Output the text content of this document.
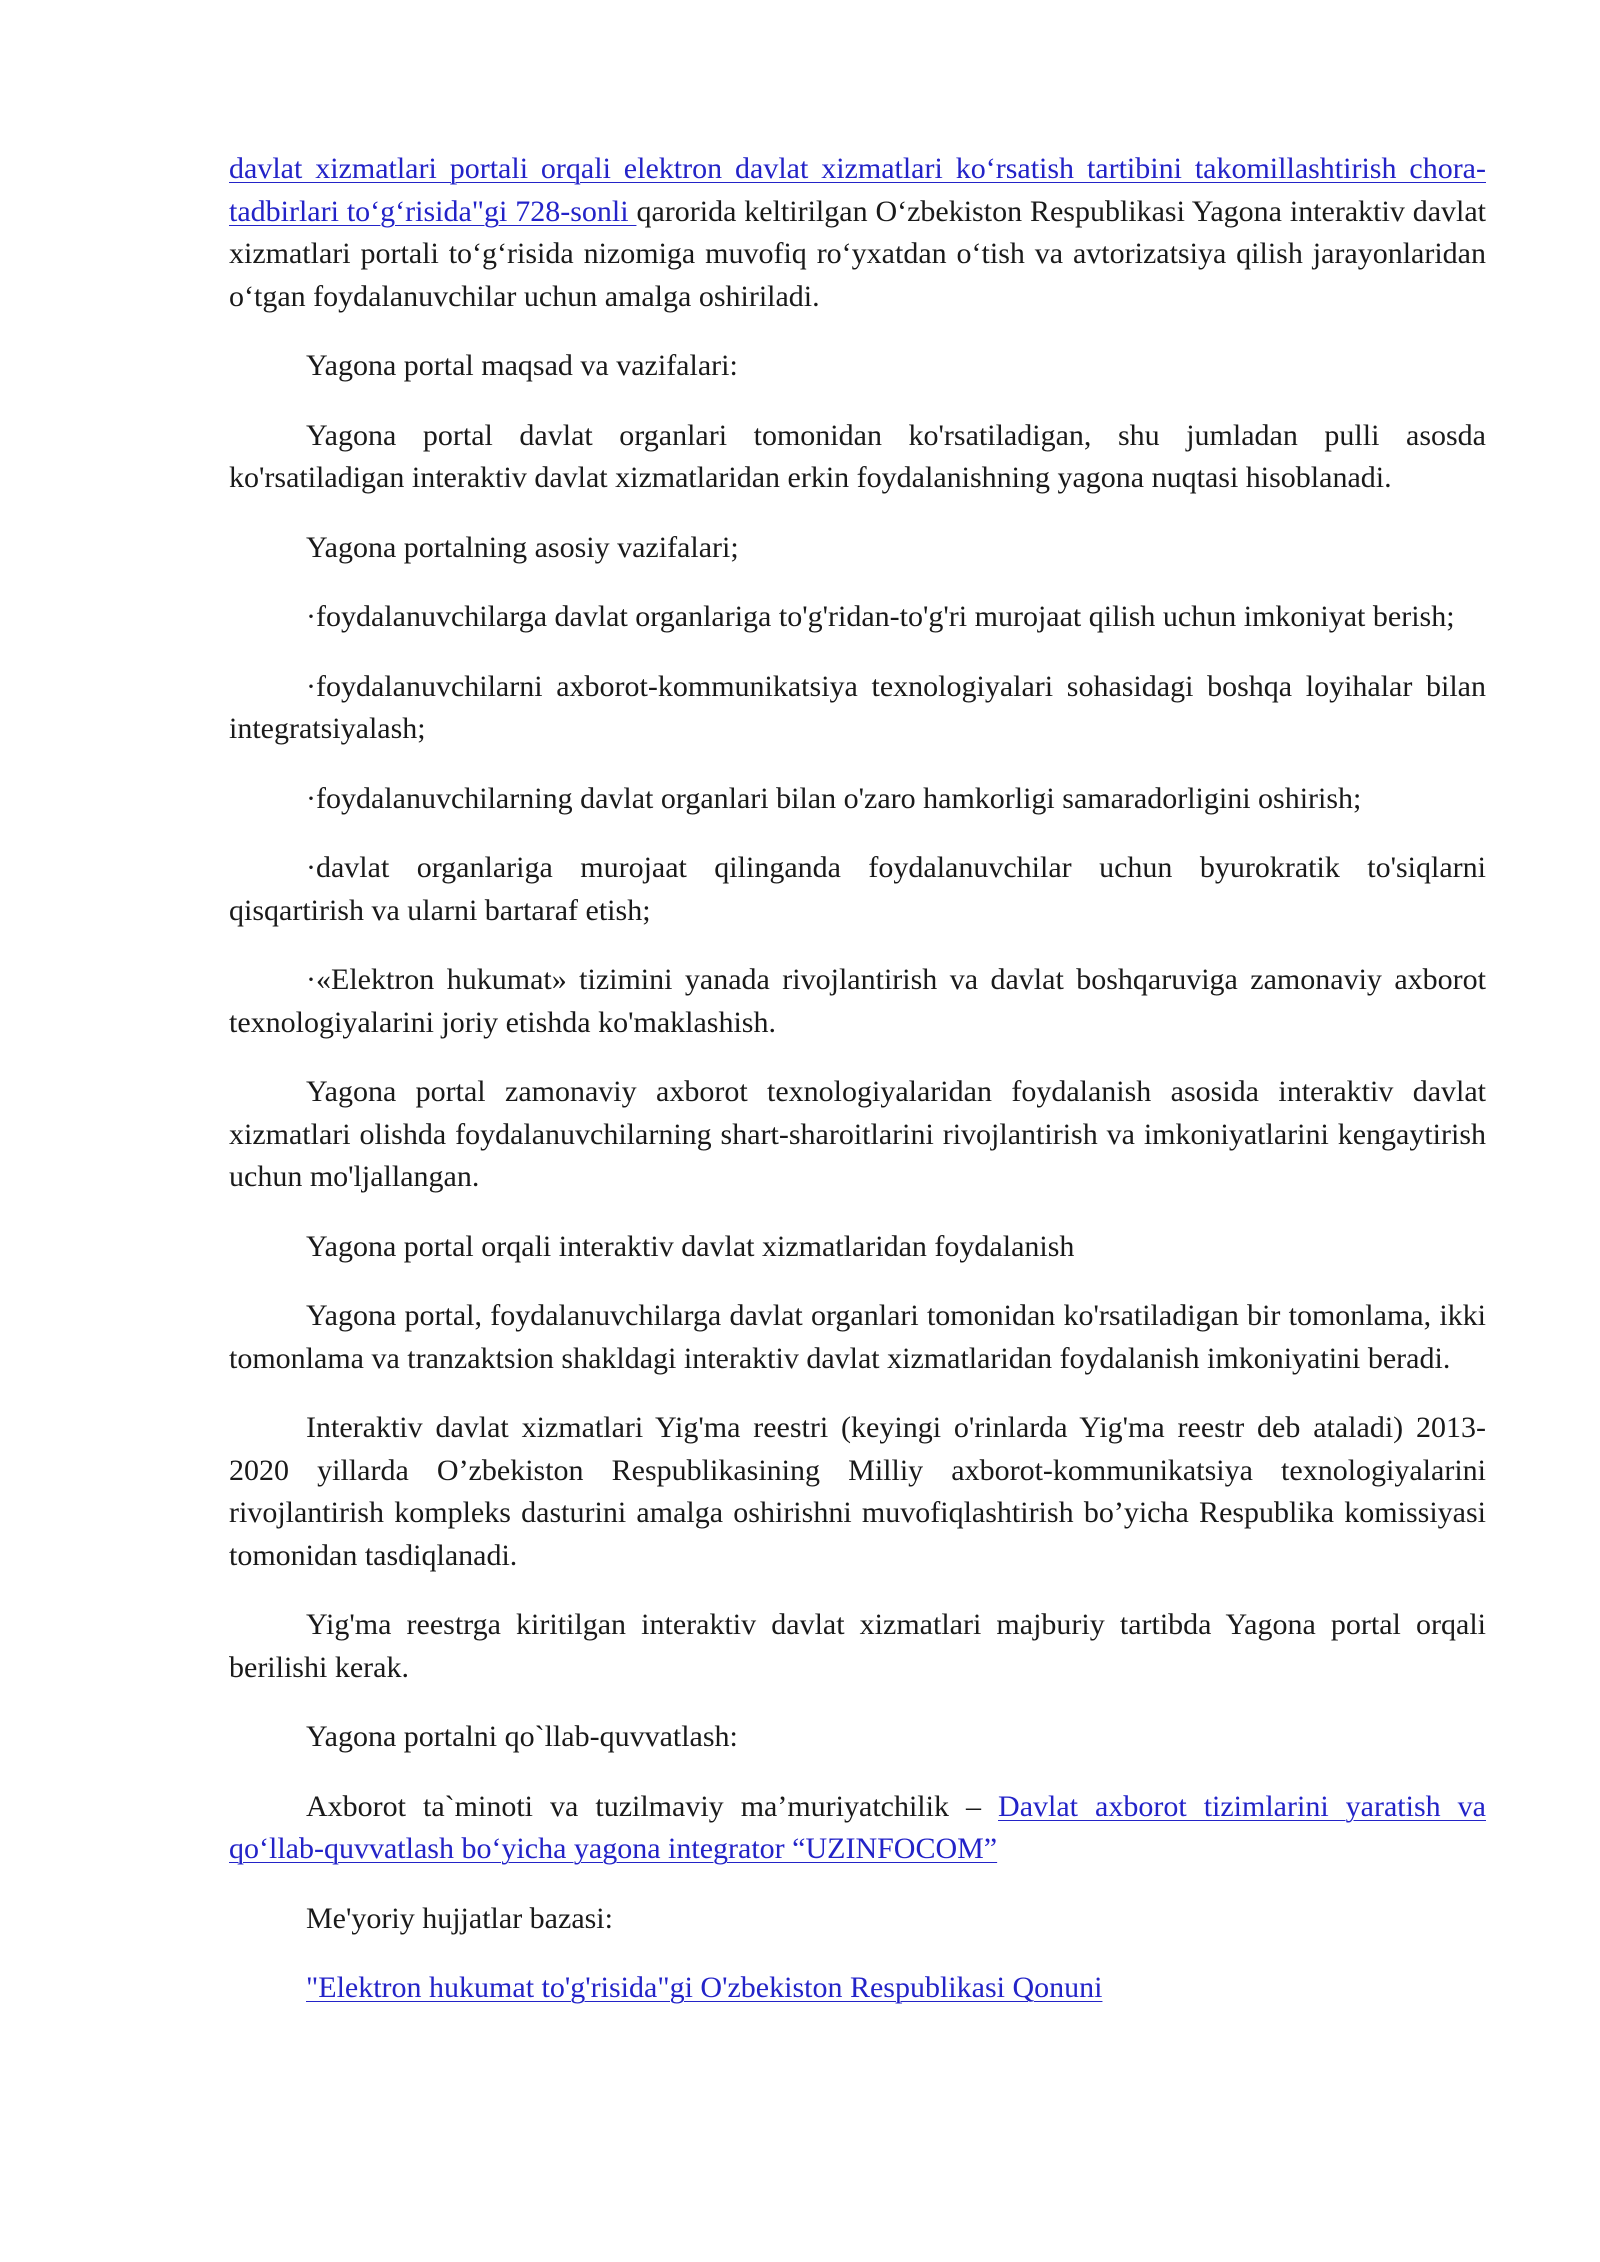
davlat xizmatlari portali orqali elektron davlat xizmatlari ko‘rsatish tartibini takomillashtirish chora-tadbirlari to‘g‘risida"gi 728-sonli qarorida keltirilgan O‘zbekiston Respublikasi Yagona interaktiv davlat xizmatlari portali to‘g‘risida nizomiga muvofiq ro‘yxatdan o‘tish va avtorizatsiya qilish jarayonlaridan o‘tgan foydalanuvchilar uchun amalga oshiriladi.

Yagona portal maqsad va vazifalari:

Yagona portal davlat organlari tomonidan ko'rsatiladigan, shu jumladan pulli asosda ko'rsatiladigan interaktiv davlat xizmatlaridan erkin foydalanishning yagona nuqtasi hisoblanadi.

Yagona portalning asosiy vazifalari;

·foydalanuvchilarga davlat organlariga to'g'ridan-to'g'ri murojaat qilish uchun imkoniyat berish;

·foydalanuvchilarni axborot-kommunikatsiya texnologiyalari sohasidagi boshqa loyihalar bilan integratsiyalash;

·foydalanuvchilarning davlat organlari bilan o'zaro hamkorligi samaradorligini oshirish;

·davlat organlariga murojaat qilinganda foydalanuvchilar uchun byurokratik to'siqlarni qisqartirish va ularni bartaraf etish;

·«Elektron hukumat» tizimini yanada rivojlantirish va davlat boshqaruviga zamonaviy axborot texnologiyalarini joriy etishda ko'maklashish.

Yagona portal zamonaviy axborot texnologiyalaridan foydalanish asosida interaktiv davlat xizmatlari olishda foydalanuvchilarning shart-sharoitlarini rivojlantirish va imkoniyatlarini kengaytirish uchun mo'ljallangan.

Yagona portal orqali interaktiv davlat xizmatlaridan foydalanish

Yagona portal, foydalanuvchilarga davlat organlari tomonidan ko'rsatiladigan bir tomonlama, ikki tomonlama va tranzaktsion shakldagi interaktiv davlat xizmatlaridan foydalanish imkoniyatini beradi.

Interaktiv davlat xizmatlari Yig'ma reestri (keyingi o'rinlarda Yig'ma reestr deb ataladi) 2013-2020 yillarda O’zbekiston Respublikasining Milliy axborot-kommunikatsiya texnologiyalarini rivojlantirish kompleks dasturini amalga oshirishni muvofiqlashtirish bo’yicha Respublika komissiyasi tomonidan tasdiqlanadi.

Yig'ma reestrga kiritilgan interaktiv davlat xizmatlari majburiy tartibda Yagona portal orqali berilishi kerak.

Yagona portalni qo`llab-quvvatlash:

Axborot ta`minoti va tuzilmaviy ma’muriyatchilik – Davlat axborot tizimlarini yaratish va qo‘llab-quvvatlash bo‘yicha yagona integrator “UZINFOCOM”

Me'yoriy hujjatlar bazasi:

"Elektron hukumat to'g'risida"gi O'zbekiston Respublikasi Qonuni
